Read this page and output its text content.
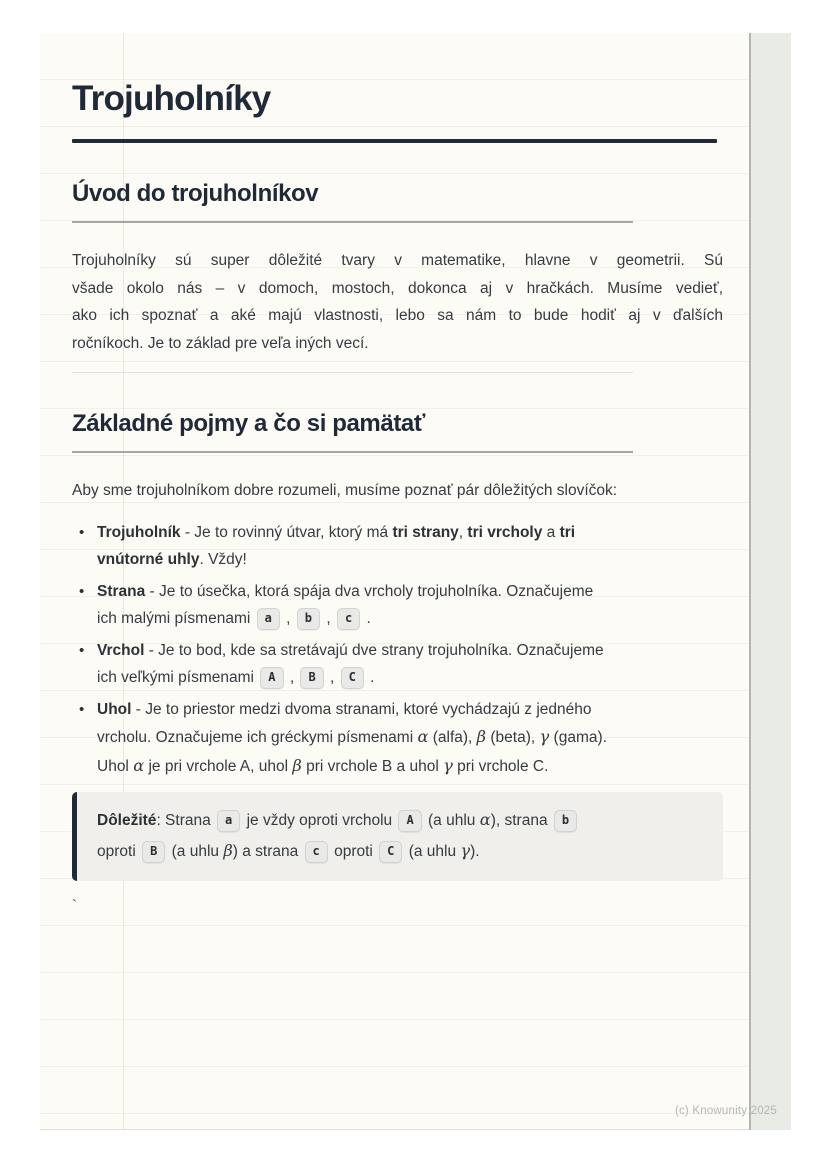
Trojuholníky
Úvod do trojuholníkov
Trojuholníky sú super dôležité tvary v matematike, hlavne v geometrii. Sú
všade okolo nás – v domoch, mostoch, dokonca aj v hračkách. Musíme vedieť,
ako ich spoznať a aké majú vlastnosti, lebo sa nám to bude hodiť aj v ďalších
ročníkoch. Je to základ pre veľa iných vecí.
Základné pojmy a čo si pamätať

Aby sme trojuholníkom dobre rozumeli, musíme poznať pár dôležitých slovíčok:

• Trojuholník - Je to rovinný útvar, ktorý má tri strany, tri vrcholy a tri
vnútorné uhly. Vždy!
• Strana - Je to úsečka, ktorá spája dva vrcholy trojuholníka. Označujeme
ich malými písmenami a , b , c .
• Vrchol - Je to bod, kde sa stretávajú dve strany trojuholníka. Označujeme
ich veľkými písmenami A , B , C .
• Uhol - Je to priestor medzi dvoma stranami, ktoré vychádzajú z jedného
vrcholu. Označujeme ich gréckymi písmenami α (alfa), β (beta), γ (gama).
Uhol α je pri vrchole A, uhol β pri vrchole B a uhol γ pri vrchole C.
Dôležité: Strana a je vždy oproti vrcholu A (a uhlu α), strana b
oproti B (a uhlu β) a strana c oproti C (a uhlu γ).
`
(c) Knowunity 2025
